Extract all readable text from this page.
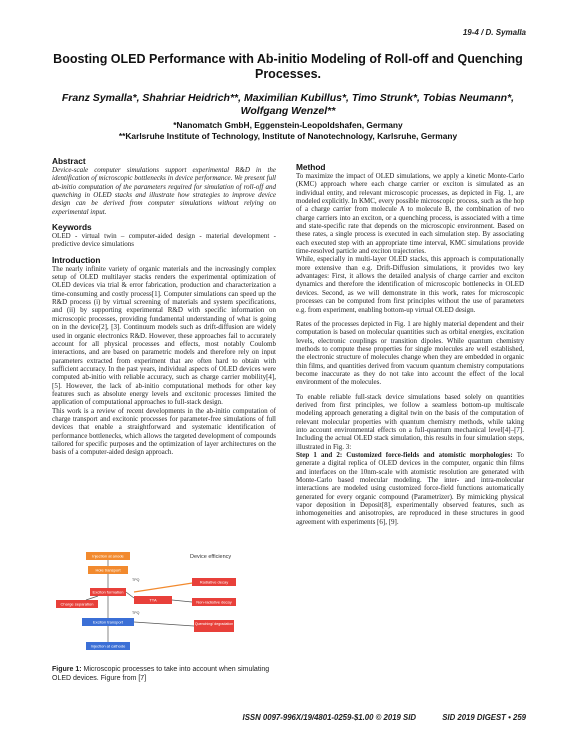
19-4 / D. Symalla
Boosting OLED Performance with Ab-initio Modeling of Roll-off and Quenching Processes.
Franz Symalla*, Shahriar Heidrich**, Maximilian Kubillus*, Timo Strunk*, Tobias Neumann*, Wolfgang Wenzel**
*Nanomatch GmbH, Eggenstein-Leopoldshafen, Germany
**Karlsruhe Institute of Technology, Institute of Nanotechnology, Karlsruhe, Germany
Abstract

Device-scale computer simulations support experimental R&D in the identification of microscopic bottlenecks in device performance. We present full ab-initio computation of the parameters required for simulation of roll-off and quenching in OLED stacks and illustrate how strategies to improve device design can be derived from computer simulations without relying on experimental input.

Keywords

OLED - virtual twin – computer-aided design - material development - predictive device simulations

Introduction

The nearly infinite variety of organic materials and the increasingly complex setup of OLED multilayer stacks renders the experimental optimization of OLED devices via trial & error fabrication, production and characterization a time-consuming and costly process[1]. Computer simulations can speed up the R&D process (i) by virtual screening of materials and system specifications, and (ii) by supporting experimental R&D with specific information on microscopic processes, providing fundamental understanding of what is going on in the device[2], [3]. Continuum models such as drift-diffusion are widely used in organic electronics R&D. However, these approaches fail to accurately account for all physical processes and effects, most notably Coulomb interactions, and are based on parametric models and therefore rely on input parameters extracted from experiment that are often hard to obtain with sufficient accuracy. In the past years, individual aspects of OLED devices were computed ab-initio with reliable accuracy, such as charge carrier mobility[4], [5]. However, the lack of ab-initio computational methods for other key features such as absolute energy levels and excitonic processes limited the application of computational approaches to full-stack design.

This work is a review of recent developments in the ab-initio computation of charge transport and excitonic processes for parameter-free simulations of full devices that enable a straightforward and systematic identification of performance bottlenecks, which allows the targeted development of compounds tailored for specific purposes and the optimization of layer architectures on the basis of a computer-aided design approach.

Injection at anode
Hole transport
TPQ
Exciton formation
Charge separation
TTA
TPQ
Exciton transport
Injection at cathode
Device efficiency
Radiative decay
Non-radiative decay
Quenching/ degradation
Figure 1: Microscopic processes to take into account when simulating OLED devices. Figure from [7]
Method

To maximize the impact of OLED simulations, we apply a kinetic Monte-Carlo (KMC) approach where each charge carrier or exciton is simulated as an individual entity, and relevant microscopic processes, as depicted in Fig. 1, are modeled explicitly. In KMC, every possible microscopic process, such as the hop of a charge carrier from molecule A to molecule B, the combination of two charge carriers into an exciton, or a quenching process, is associated with a time and state-specific rate that depends on the microscopic environment. Based on these rates, a single process is executed in each simulation step. By associating each executed step with an appropriate time interval, KMC simulations provide time-resolved particle and exciton trajectories.

While, especially in multi-layer OLED stacks, this approach is computationally more extensive than e.g. Drift-Diffusion simulations, it provides two key advantages: First, it allows the detailed analysis of charge carrier and exciton dynamics and therefore the identification of microscopic bottlenecks in OLED devices. Second, as we will demonstrate in this work, rates for microscopic processes can be computed from first principles without the use of parameters e.g. from experiment, enabling bottom-up virtual OLED design.

Rates of the processes depicted in Fig. 1 are highly material dependent and their computation is based on molecular quantities such as orbital energies, excitation levels, electronic couplings or transition dipoles. While quantum chemistry methods to compute these properties for single molecules are well established, the electronic structure of molecules change when they are embedded in organic thin films, and quantities derived from vacuum quantum chemistry computations become inaccurate as they do not take into account the effect of the local environment of the molecules.

To enable reliable full-stack device simulations based solely on quantities derived from first principles, we follow a seamless bottom-up multiscale modeling approach generating a digital twin on the basis of the computation of relevant molecular properties with quantum chemistry methods, while taking into account environmental effects on a full-quantum mechanical level[4]–[7]. Including the actual OLED stack simulation, this results in four simulation steps, illustrated in Fig. 3:

Step 1 and 2: Customized force-fields and atomistic morphologies: To generate a digital replica of OLED devices in the computer, organic thin films and interfaces on the 10nm-scale with atomistic resolution are generated with Monte-Carlo based molecular modeling. The inter- and intra-molecular interactions are modeled using customized force-field functions automatically generated for every organic compound (Parametrizer). By mimicking physical vapor deposition in Deposit[8], experimentally observed features, such as inhomogeneities and anisotropies, are reproduced in these structures in good agreement with experiments [6], [9].

ISSN 0097-996X/19/4801-0259-$1.00 © 2019 SID	SID 2019 DIGEST • 259
